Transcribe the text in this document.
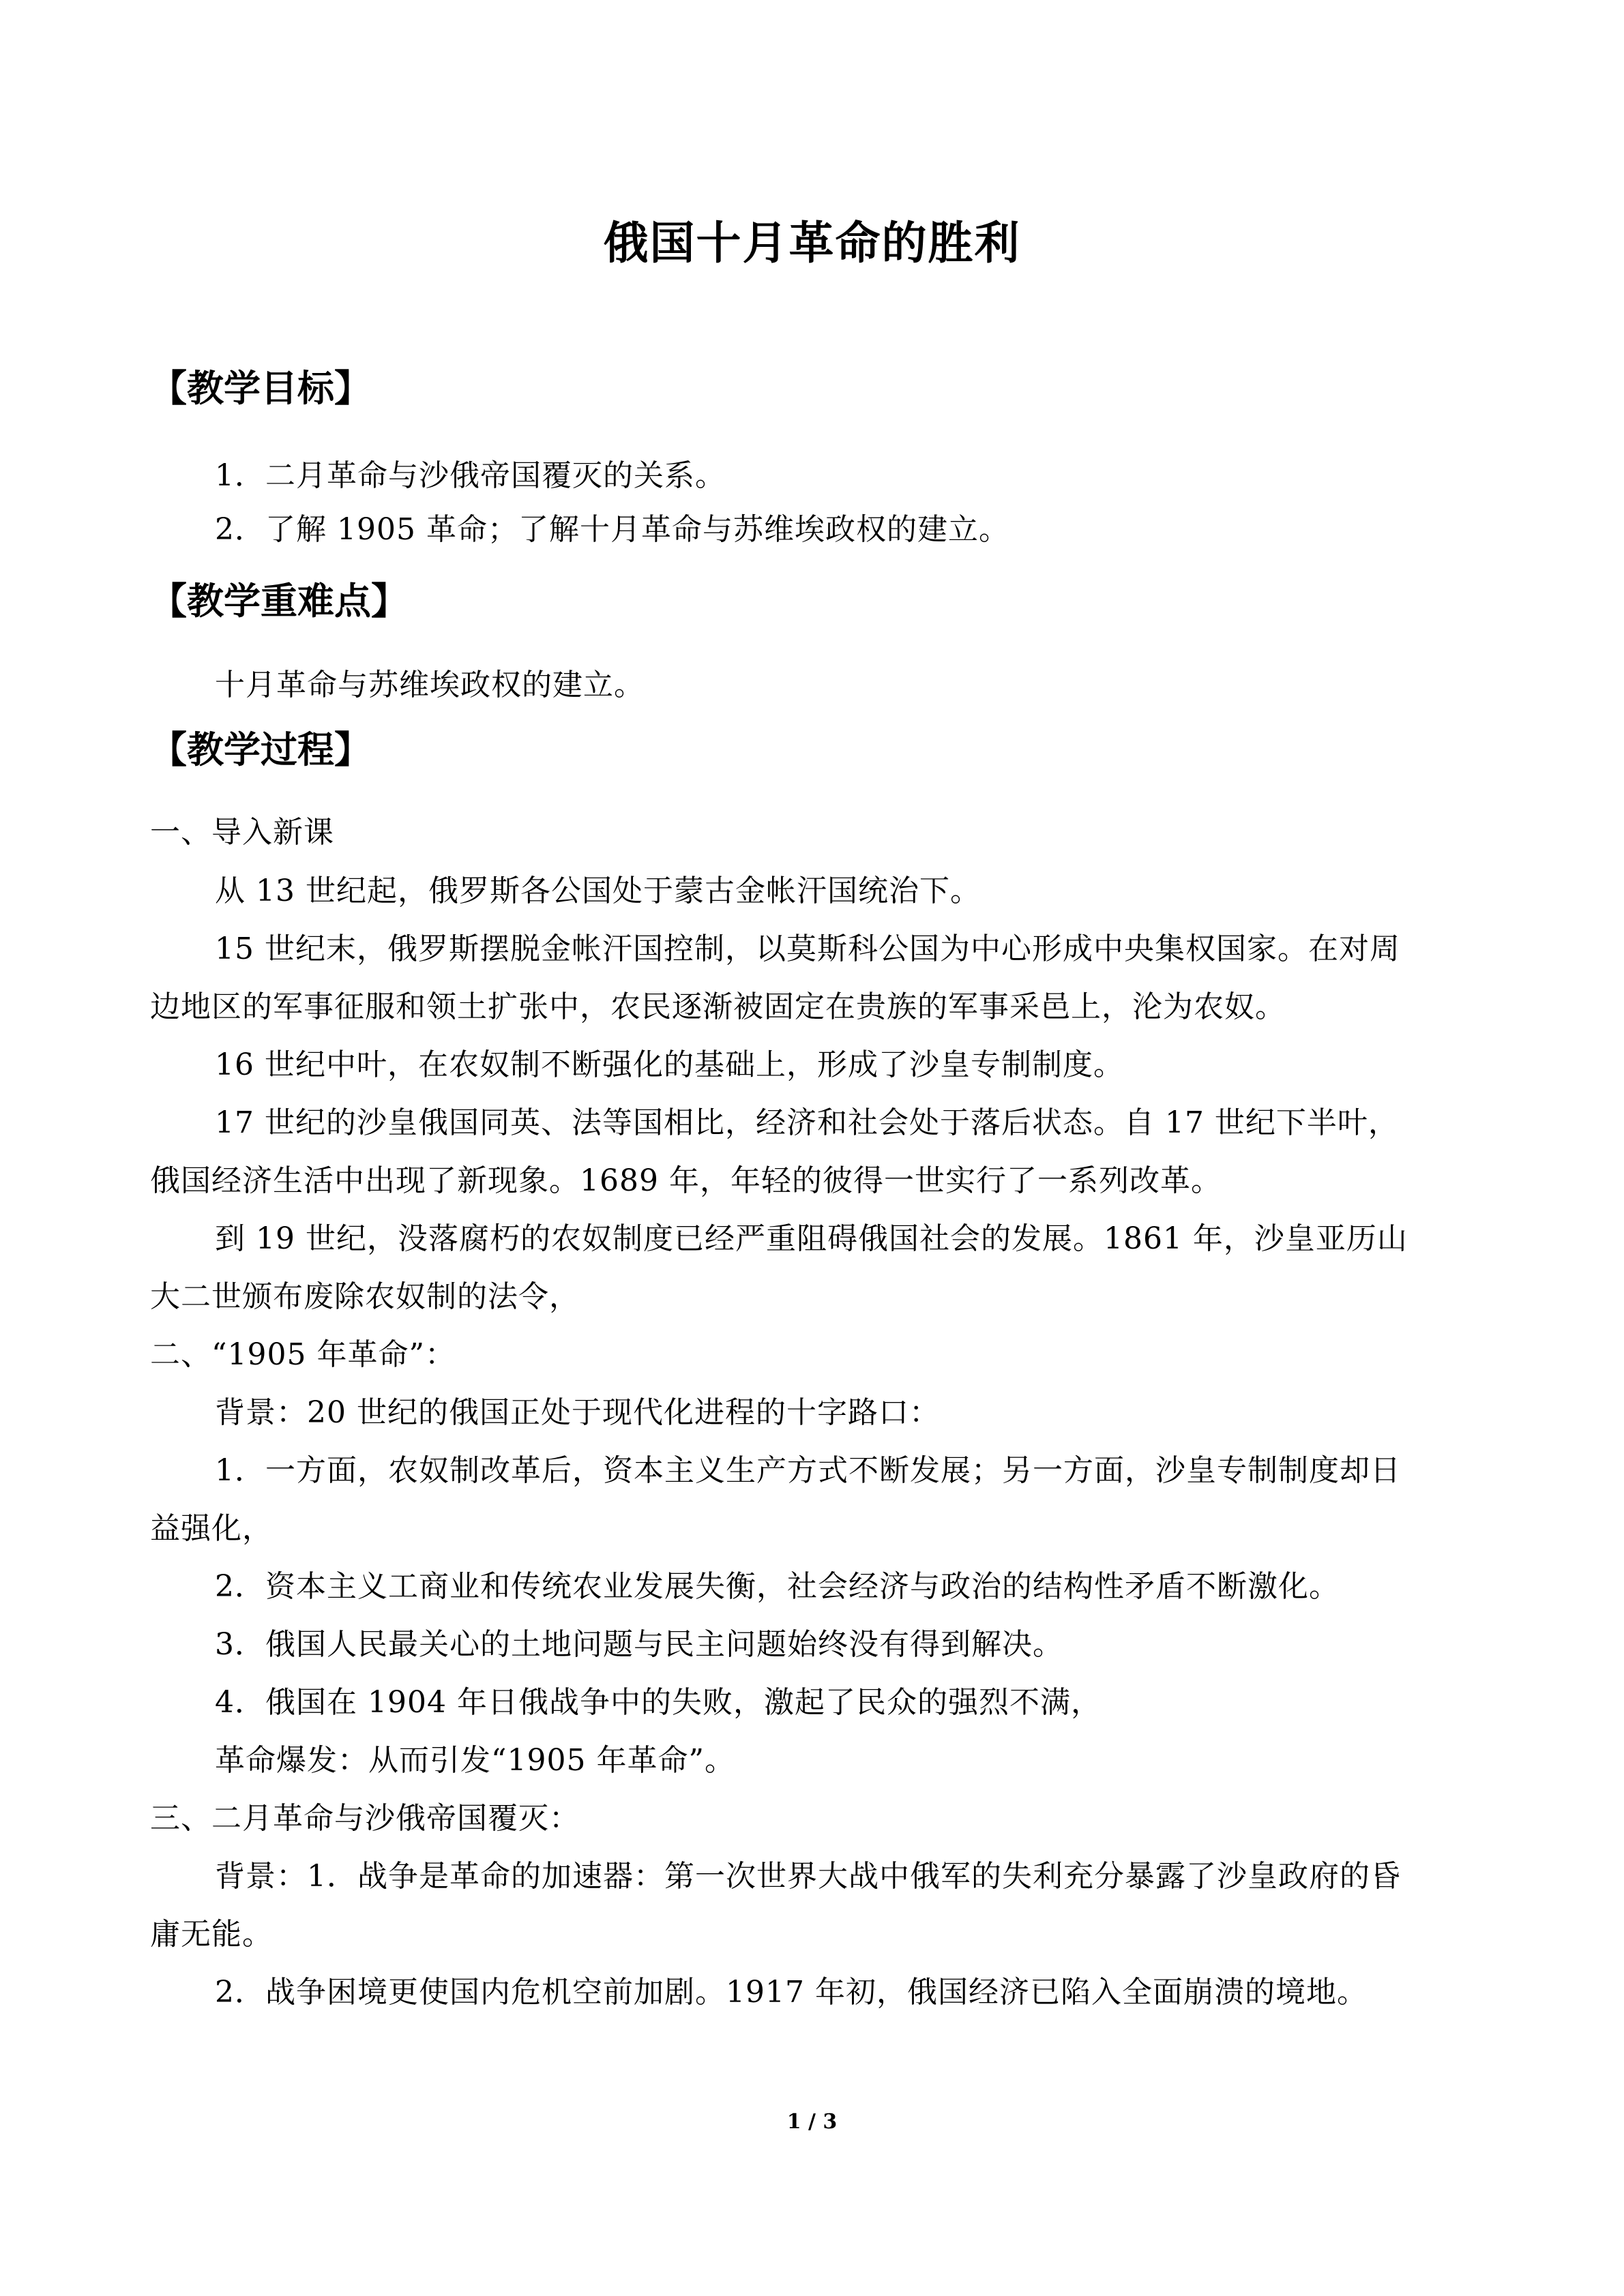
俄国十月革命的胜利
【教学目标】
1．二月革命与沙俄帝国覆灭的关系。
2．了解 1905 革命；了解十月革命与苏维埃政权的建立。
【教学重难点】
十月革命与苏维埃政权的建立。
【教学过程】
一、导入新课
从 13 世纪起，俄罗斯各公国处于蒙古金帐汗国统治下。
15 世纪末，俄罗斯摆脱金帐汗国控制，以莫斯科公国为中心形成中央集权国家。在对周
边地区的军事征服和领土扩张中，农民逐渐被固定在贵族的军事采邑上，沦为农奴。
16 世纪中叶，在农奴制不断强化的基础上，形成了沙皇专制制度。
17 世纪的沙皇俄国同英、法等国相比，经济和社会处于落后状态。自 17 世纪下半叶，
俄国经济生活中出现了新现象。1689 年，年轻的彼得一世实行了一系列改革。
到 19 世纪，没落腐朽的农奴制度已经严重阻碍俄国社会的发展。1861 年，沙皇亚历山
大二世颁布废除农奴制的法令，
二、“1905 年革命”：
背景：20 世纪的俄国正处于现代化进程的十字路口：
1．一方面，农奴制改革后，资本主义生产方式不断发展；另一方面，沙皇专制制度却日
益强化，
2．资本主义工商业和传统农业发展失衡，社会经济与政治的结构性矛盾不断激化。
3．俄国人民最关心的土地问题与民主问题始终没有得到解决。
4．俄国在 1904 年日俄战争中的失败，激起了民众的强烈不满，
革命爆发：从而引发“1905 年革命”。
三、二月革命与沙俄帝国覆灭：
背景：1．战争是革命的加速器：第一次世界大战中俄军的失利充分暴露了沙皇政府的昏
庸无能。
2．战争困境更使国内危机空前加剧。1917 年初，俄国经济已陷入全面崩溃的境地。
1 / 3
